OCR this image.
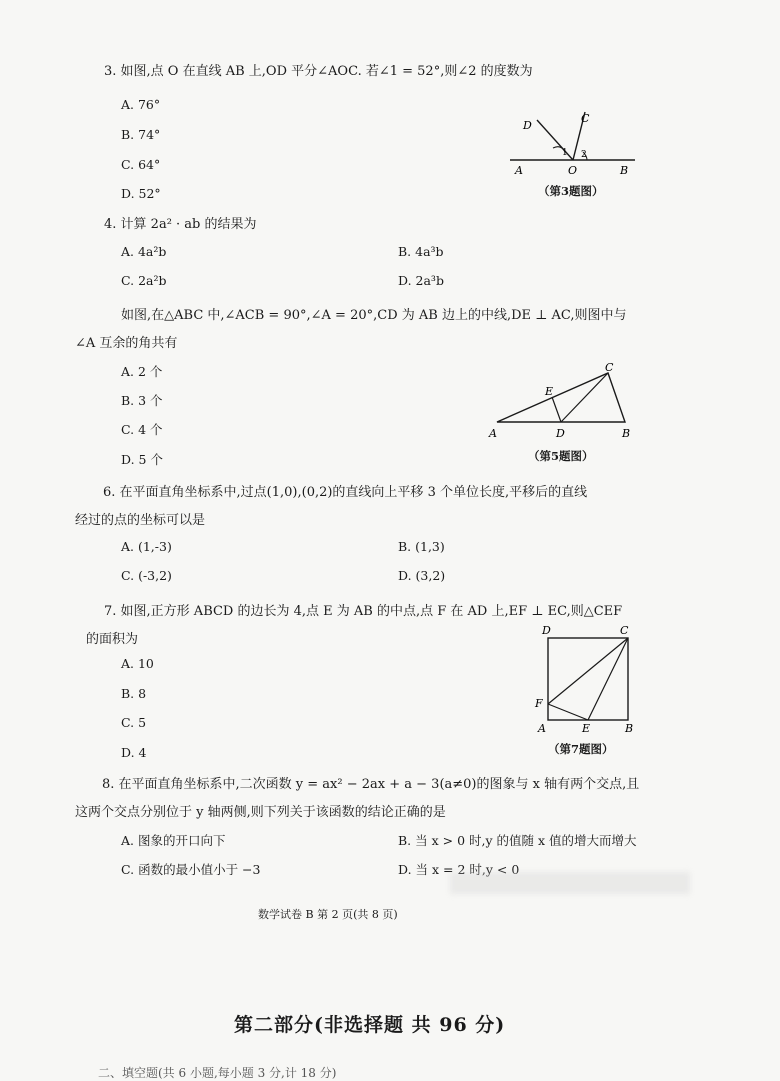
3. 如图,点 O 在直线 AB 上,OD 平分∠AOC. 若∠1 = 52°,则∠2 的度数为
A. 76°
B. 74°
C. 64°
D. 52°
D
C
1 2
A	O	B
（第3题图）
4. 计算 2a² · ab 的结果为
A. 4a²b	B. 4a³b
C. 2a²b	D. 2a³b
如图,在△ABC 中,∠ACB = 90°,∠A = 20°,CD 为 AB 边上的中线,DE ⊥ AC,则图中与
∠A 互余的角共有
A. 2 个
B. 3 个
C. 4 个
D. 5 个
E
C
A	D	B
（第5题图）
6. 在平面直角坐标系中,过点(1,0),(0,2)的直线向上平移 3 个单位长度,平移后的直线
经过的点的坐标可以是
A. (1,-3)	B. (1,3)
C. (-3,2)	D. (3,2)
7. 如图,正方形 ABCD 的边长为 4,点 E 为 AB 的中点,点 F 在 AD 上,EF ⊥ EC,则△CEF
的面积为
A. 10
B. 8
C. 5
D. 4
D	C
F
A	E	B
（第7题图）
8. 在平面直角坐标系中,二次函数 y = ax² − 2ax + a − 3(a≠0)的图象与 x 轴有两个交点,且
这两个交点分别位于 y 轴两侧,则下列关于该函数的结论正确的是
A. 图象的开口向下	B. 当 x > 0 时,y 的值随 x 值的增大而增大
C. 函数的最小值小于 −3	D. 当 x = 2 时,y < 0
数学试卷 B 第 2 页(共 8 页)
第二部分(非选择题 共 96 分)
二、填空题(共 6 小题,每小题 3 分,计 18 分)
